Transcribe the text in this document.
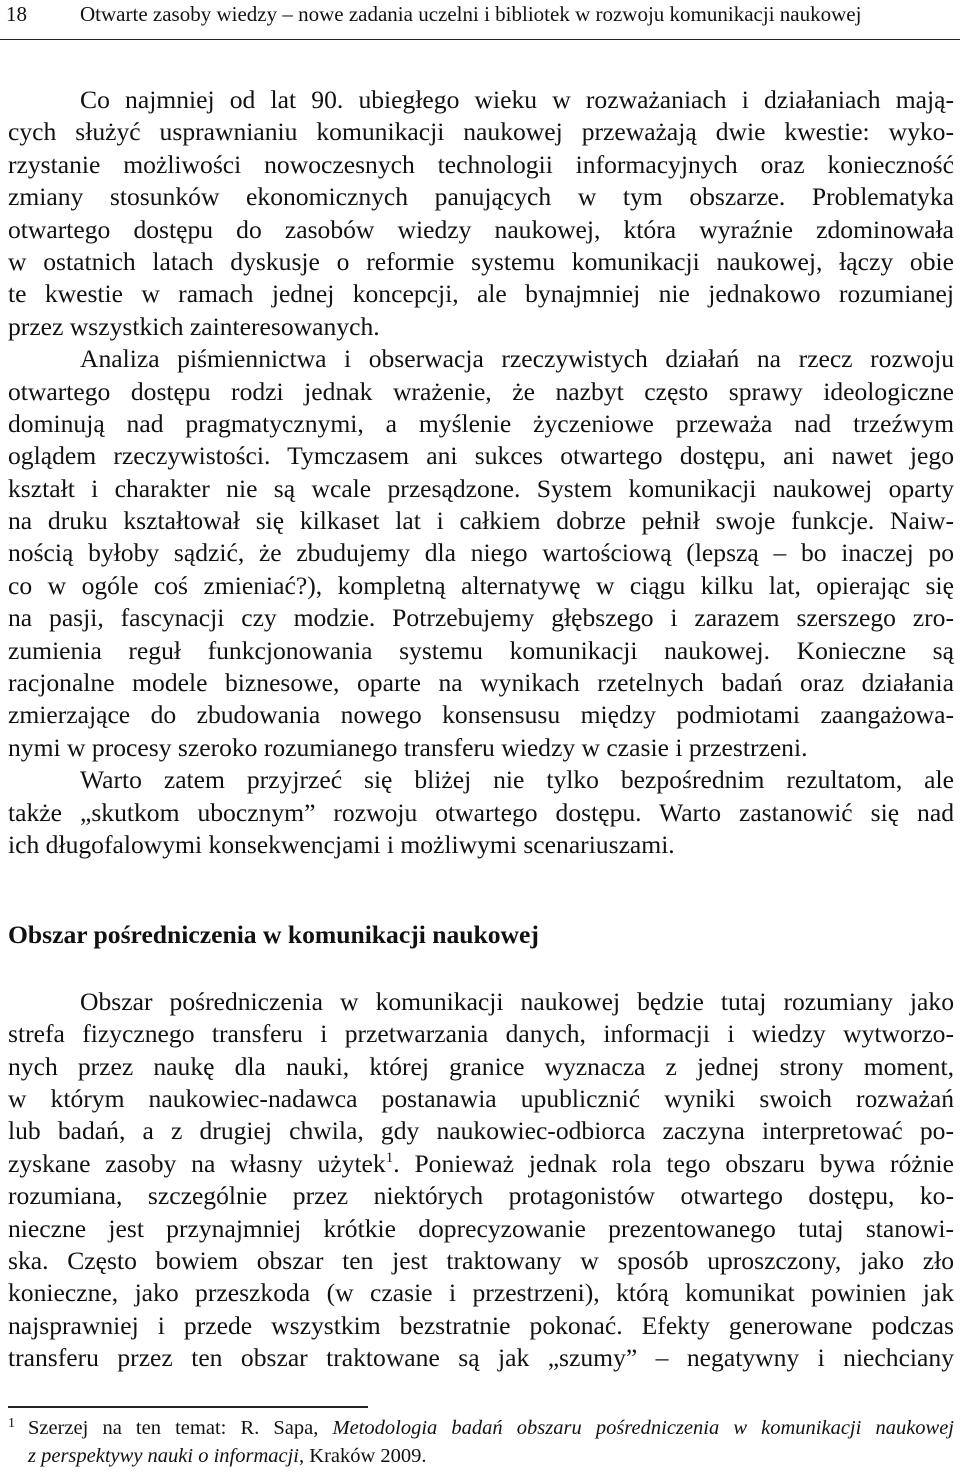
18	Otwarte zasoby wiedzy – nowe zadania uczelni i bibliotek w rozwoju komunikacji naukowej
Co najmniej od lat 90. ubiegłego wieku w rozważaniach i działaniach mają-
cych służyć usprawnianiu komunikacji naukowej przeważają dwie kwestie: wyko-
rzystanie możliwości nowoczesnych technologii informacyjnych oraz konieczność
zmiany stosunków ekonomicznych panujących w tym obszarze. Problematyka
otwartego dostępu do zasobów wiedzy naukowej, która wyraźnie zdominowała
w ostatnich latach dyskusje o reformie systemu komunikacji naukowej, łączy obie
te kwestie w ramach jednej koncepcji, ale bynajmniej nie jednakowo rozumianej
przez wszystkich zainteresowanych.
Analiza piśmiennictwa i obserwacja rzeczywistych działań na rzecz rozwoju
otwartego dostępu rodzi jednak wrażenie, że nazbyt często sprawy ideologiczne
dominują nad pragmatycznymi, a myślenie życzeniowe przeważa nad trzeźwym
oglądem rzeczywistości. Tymczasem ani sukces otwartego dostępu, ani nawet jego
kształt i charakter nie są wcale przesądzone. System komunikacji naukowej oparty
na druku kształtował się kilkaset lat i całkiem dobrze pełnił swoje funkcje. Naiw-
nością byłoby sądzić, że zbudujemy dla niego wartościową (lepszą – bo inaczej po
co w ogóle coś zmieniać?), kompletną alternatywę w ciągu kilku lat, opierając się
na pasji, fascynacji czy modzie. Potrzebujemy głębszego i zarazem szerszego zro-
zumienia reguł funkcjonowania systemu komunikacji naukowej. Konieczne są
racjonalne modele biznesowe, oparte na wynikach rzetelnych badań oraz działania
zmierzające do zbudowania nowego konsensusu między podmiotami zaangażowa-
nymi w procesy szeroko rozumianego transferu wiedzy w czasie i przestrzeni.
Warto zatem przyjrzeć się bliżej nie tylko bezpośrednim rezultatom, ale
także „skutkom ubocznym” rozwoju otwartego dostępu. Warto zastanowić się nad
ich długofalowymi konsekwencjami i możliwymi scenariuszami.
Obszar pośredniczenia w komunikacji naukowej
Obszar pośredniczenia w komunikacji naukowej będzie tutaj rozumiany jako
strefa fizycznego transferu i przetwarzania danych, informacji i wiedzy wytworzo-
nych przez naukę dla nauki, której granice wyznacza z jednej strony moment,
w którym naukowiec-nadawca postanawia upublicznić wyniki swoich rozważań
lub badań, a z drugiej chwila, gdy naukowiec-odbiorca zaczyna interpretować po-
zyskane zasoby na własny użytek$^1$. Ponieważ jednak rola tego obszaru bywa różnie
rozumiana, szczególnie przez niektórych protagonistów otwartego dostępu, ko-
nieczne jest przynajmniej krótkie doprecyzowanie prezentowanego tutaj stanowi-
ska. Często bowiem obszar ten jest traktowany w sposób uproszczony, jako zło
konieczne, jako przeszkoda (w czasie i przestrzeni), którą komunikat powinien jak
najsprawniej i przede wszystkim bezstratnie pokonać. Efekty generowane podczas
transferu przez ten obszar traktowane są jak „szumy” – negatywny i niechciany
1 Szerzej na ten temat: R. Sapa, Metodologia badań obszaru pośredniczenia w komunikacji naukowej
z perspektywy nauki o informacji, Kraków 2009.
